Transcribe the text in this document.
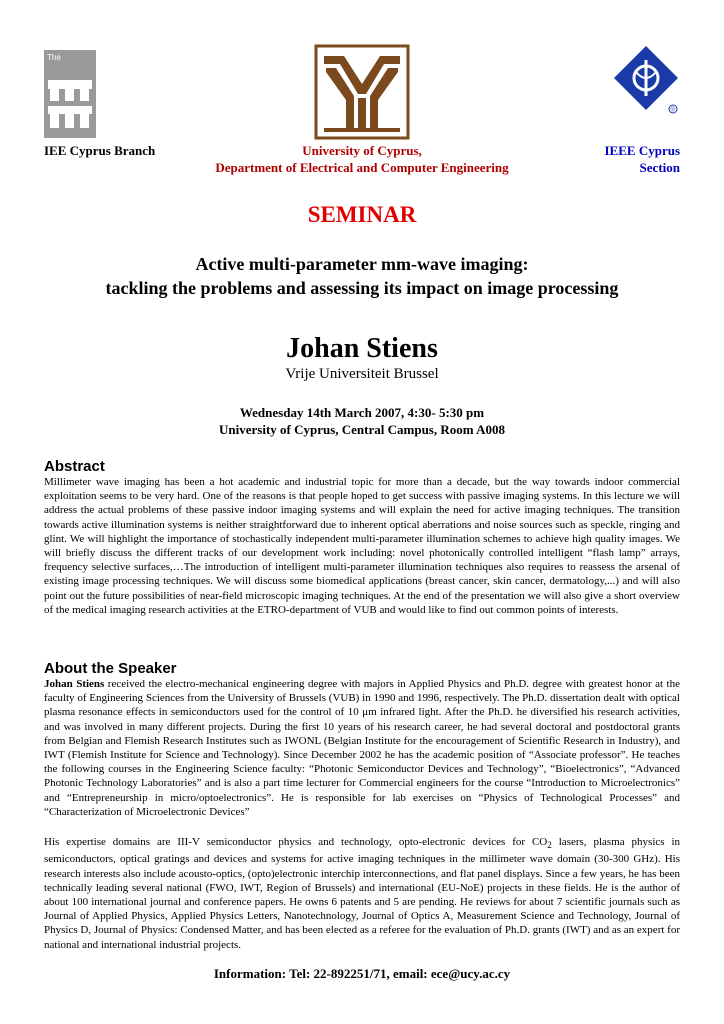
The
®
IEE Cyprus Branch	University of Cyprus,
Department of Electrical and Computer Engineering
IEEE Cyprus
Section
SEMINAR
Active multi-parameter mm-wave imaging:
tackling the problems and assessing its impact on image processing
Johan Stiens
Vrije Universiteit Brussel
Wednesday 14th March 2007, 4:30- 5:30 pm
University of Cyprus, Central Campus, Room A008
Abstract

Millimeter wave imaging has been a hot academic and industrial topic for more than a decade, but the way towards indoor commercial exploitation seems to be very hard. One of the reasons is that people hoped to get success with passive imaging systems. In this lecture we will address the actual problems of these passive indoor imaging systems and will explain the need for active imaging techniques. The transition towards active illumination systems is neither straightforward due to inherent optical aberrations and noise sources such as speckle, ringing and glint. We will highlight the importance of stochastically independent multi-parameter illumination schemes to achieve high quality images. We will briefly discuss the different tracks of our development work including: novel photonically controlled intelligent “flash lamp” arrays, frequency selective surfaces,…The introduction of intelligent multi-parameter illumination techniques also requires to reassess the arsenal of existing image processing techniques. We will discuss some biomedical applications (breast cancer, skin cancer, dermatology,...) and will also point out the future possibilities of near-field microscopic imaging techniques. At the end of the presentation we will also give a short overview of the medical imaging research activities at the ETRO-department of VUB and would like to find out common points of interests.

About the Speaker

Johan Stiens received the electro-mechanical engineering degree with majors in Applied Physics and Ph.D. degree with greatest honor at the faculty of Engineering Sciences from the University of Brussels (VUB) in 1990 and 1996, respectively. The Ph.D. dissertation dealt with optical plasma resonance effects in semiconductors used for the control of 10 μm infrared light. After the Ph.D. he diversified his research activities, and was involved in many different projects. During the first 10 years of his research career, he had several doctoral and postdoctoral grants from Belgian and Flemish Research Institutes such as IWONL (Belgian Institute for the encouragement of Scientific Research in Industry), and IWT (Flemish Institute for Science and Technology). Since December 2002 he has the academic position of “Associate professor”. He teaches the following courses in the Engineering Science faculty: “Photonic Semiconductor Devices and Technology”, “Bioelectronics”, “Advanced Photonic Technology Laboratories” and is also a part time lecturer for Commercial engineers for the course “Introduction to Microelectronics” and “Entrepreneurship in micro/optoelectronics”. He is responsible for lab exercises on “Physics of Technological Processes” and “Characterization of Microelectronic Devices”

His expertise domains are III-V semiconductor physics and technology, opto-electronic devices for $CO_2$ lasers, plasma physics in semiconductors, optical gratings and devices and systems for active imaging techniques in the millimeter wave domain (30-300 GHz). His research interests also include acousto-optics, (opto)electronic interchip interconnections, and flat panel displays. Since a few years, he has been technically leading several national (FWO, IWT, Region of Brussels) and international (EU-NoE) projects in these fields. He is the author of about 100 international journal and conference papers. He owns 6 patents and 5 are pending. He reviews for about 7 scientific journals such as Journal of Applied Physics, Applied Physics Letters, Nanotechnology, Journal of Optics A, Measurement Science and Technology, Journal of Physics D, Journal of Physics: Condensed Matter, and has been elected as a referee for the evaluation of Ph.D. grants (IWT) and as an expert for national and international industrial projects.

Information: Tel: 22-892251/71, email: ece@ucy.ac.cy
